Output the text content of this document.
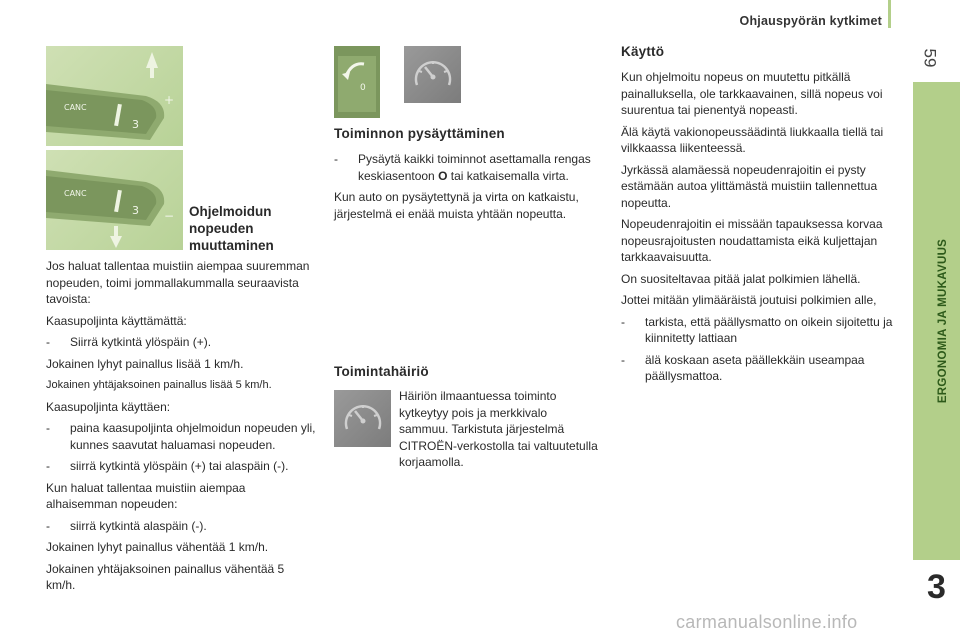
Ohjauspyörän kytkimet
59
ERGONOMIA JA MUKAVUUS
3
CANC
3
+
CANC
3 − Ohjelmoidun
nopeuden
muuttaminen

Jos haluat tallentaa muistiin aiempaa suuremman nopeuden, toimi jommallakummalla seuraavista tavoista:

Kaasupoljinta käyttämättä:

-	Siirrä kytkintä ylöspäin (+).

Jokainen lyhyt painallus lisää 1 km/h.

Jokainen yhtäjaksoinen painallus lisää 5 km/h.

Kaasupoljinta käyttäen:

-	paina kaasupoljinta ohjelmoidun nopeuden yli, kunnes saavutat haluamasi nopeuden.
-	siirrä kytkintä ylöspäin (+) tai alaspäin (-).

Kun haluat tallentaa muistiin aiempaa alhaisemman nopeuden:

-	siirrä kytkintä alaspäin (-).

Jokainen lyhyt painallus vähentää 1 km/h.

Jokainen yhtäjaksoinen painallus vähentää 5 km/h.

0
Toiminnon pysäyttäminen
-	Pysäytä kaikki toiminnot asettamalla rengas keskiasentoon O tai katkaisemalla virta.

Kun auto on pysäytettynä ja virta on katkaistu, järjestelmä ei enää muista yhtään nopeutta.

Toimintahäiriö

Häiriön ilmaantuessa toiminto kytkeytyy pois ja merkkivalo sammuu. Tarkistuta järjestelmä CITROËN-verkostolla tai valtuutetulla korjaamolla.

Käyttö

Kun ohjelmoitu nopeus on muutettu pitkällä painalluksella, ole tarkkaavainen, sillä nopeus voi suurentua tai pienentyä nopeasti.

Älä käytä vakionopeussäädintä liukkaalla tiellä tai vilkkaassa liikenteessä.

Jyrkässä alamäessä nopeudenrajoitin ei pysty estämään autoa ylittämästä muistiin tallennettua nopeutta.

Nopeudenrajoitin ei missään tapauksessa korvaa nopeusrajoitusten noudattamista eikä kuljettajan tarkkaavaisuutta.

On suositeltavaa pitää jalat polkimien lähellä.

Jottei mitään ylimääräistä joutuisi polkimien alle,

-	tarkista, että päällysmatto on oikein sijoitettu ja kiinnitetty lattiaan
-	älä koskaan aseta päällekkäin useampaa päällysmattoa.
carmanualsonline.info
